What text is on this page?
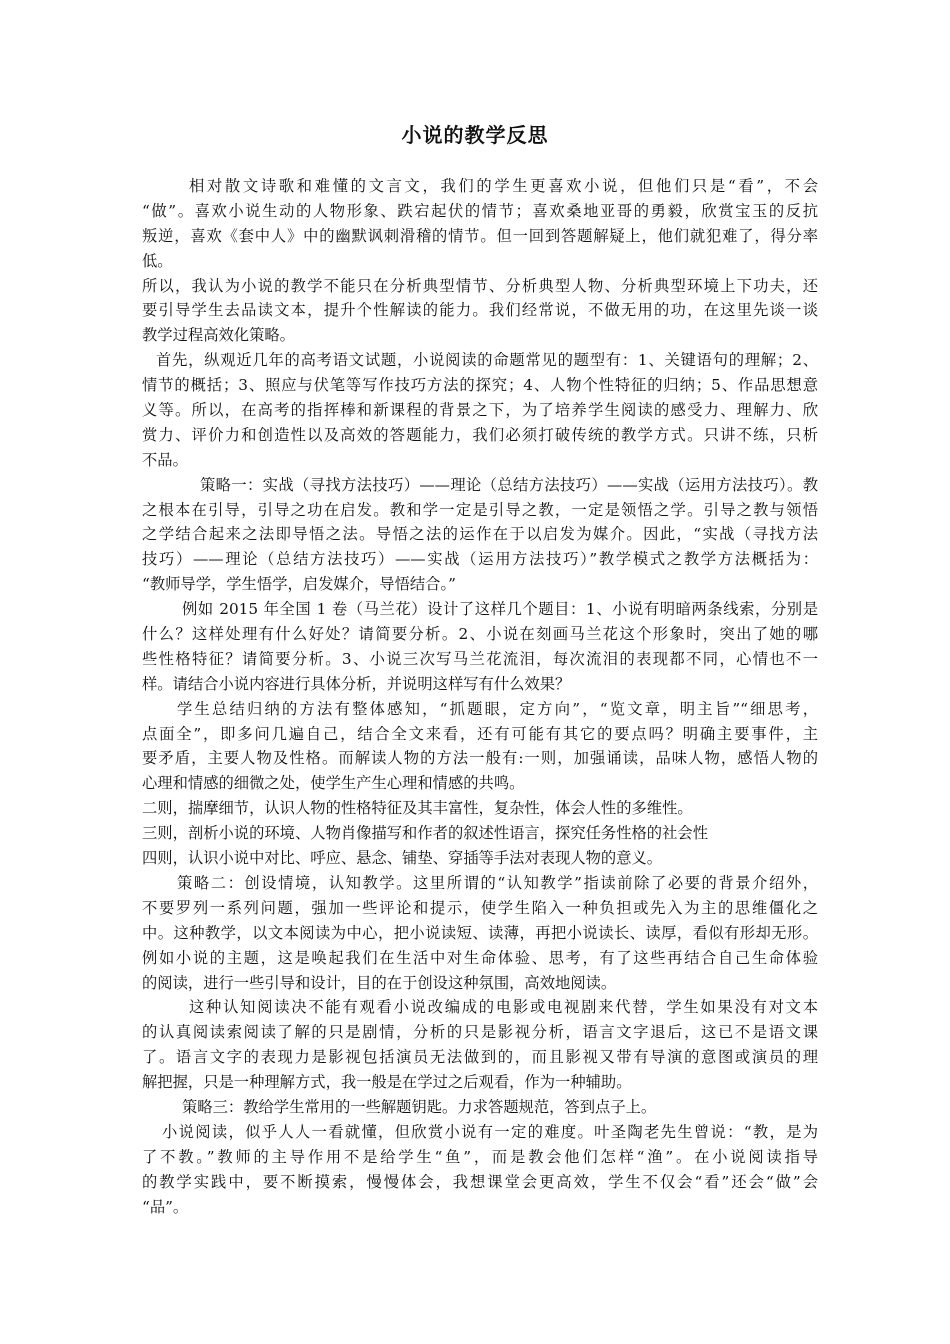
小说的教学反思
相对散文诗歌和难懂的文言文，我们的学生更喜欢小说，但他们只是“看”，不会
“做”。喜欢小说生动的人物形象、跌宕起伏的情节；喜欢桑地亚哥的勇毅，欣赏宝玉的反抗
叛逆，喜欢《套中人》中的幽默讽刺滑稽的情节。但一回到答题解疑上，他们就犯难了，得分率
低。
所以，我认为小说的教学不能只在分析典型情节、分析典型人物、分析典型环境上下功夫，还
要引导学生去品读文本，提升个性解读的能力。我们经常说，不做无用的功，在这里先谈一谈
教学过程高效化策略。
首先，纵观近几年的高考语文试题，小说阅读的命题常见的题型有：1、关键语句的理解；2、
情节的概括；3、照应与伏笔等写作技巧方法的探究；4、人物个性特征的归纳；5、作品思想意
义等。所以，在高考的指挥棒和新课程的背景之下，为了培养学生阅读的感受力、理解力、欣
赏力、评价力和创造性以及高效的答题能力，我们必须打破传统的教学方式。只讲不练，只析
不品。
策略一：实战（寻找方法技巧）——理论（总结方法技巧）——实战（运用方法技巧）。教
之根本在引导，引导之功在启发。教和学一定是引导之教，一定是领悟之学。引导之教与领悟
之学结合起来之法即导悟之法。导悟之法的运作在于以启发为媒介。因此，“实战（寻找方法
技巧）——理论（总结方法技巧）——实战（运用方法技巧）”教学模式之教学方法概括为：
“教师导学，学生悟学，启发媒介，导悟结合。”
例如 2015 年全国 1 卷（马兰花）设计了这样几个题目：1、小说有明暗两条线索，分别是
什么？这样处理有什么好处？请简要分析。2、小说在刻画马兰花这个形象时，突出了她的哪
些性格特征？请简要分析。3、小说三次写马兰花流泪，每次流泪的表现都不同，心情也不一
样。请结合小说内容进行具体分析，并说明这样写有什么效果？
学生总结归纳的方法有整体感知，“抓题眼，定方向”，“览文章，明主旨”“细思考，
点面全”，即多问几遍自己，结合全文来看，还有可能有其它的要点吗？明确主要事件，主
要矛盾，主要人物及性格。而解读人物的方法一般有:一则，加强诵读，品味人物，感悟人物的
心理和情感的细微之处，使学生产生心理和情感的共鸣。
二则，揣摩细节，认识人物的性格特征及其丰富性，复杂性，体会人性的多维性。
三则，剖析小说的环境、人物肖像描写和作者的叙述性语言，探究任务性格的社会性
四则，认识小说中对比、呼应、悬念、铺垫、穿插等手法对表现人物的意义。
策略二：创设情境，认知教学。这里所谓的“认知教学”指读前除了必要的背景介绍外，
不要罗列一系列问题，强加一些评论和提示，使学生陷入一种负担或先入为主的思维僵化之
中。这种教学，以文本阅读为中心，把小说读短、读薄，再把小说读长、读厚，看似有形却无形。
例如小说的主题，这是唤起我们在生活中对生命体验、思考，有了这些再结合自己生命体验
的阅读，进行一些引导和设计，目的在于创设这种氛围，高效地阅读。
这种认知阅读决不能有观看小说改编成的电影或电视剧来代替，学生如果没有对文本
的认真阅读索阅读了解的只是剧情，分析的只是影视分析，语言文字退后，这已不是语文课
了。语言文字的表现力是影视包括演员无法做到的，而且影视又带有导演的意图或演员的理
解把握，只是一种理解方式，我一般是在学过之后观看，作为一种辅助。
策略三：教给学生常用的一些解题钥匙。力求答题规范，答到点子上。
小说阅读，似乎人人一看就懂，但欣赏小说有一定的难度。叶圣陶老先生曾说：“教，是为
了不教。”教师的主导作用不是给学生“鱼”，而是教会他们怎样“渔”。在小说阅读指导
的教学实践中，要不断摸索，慢慢体会，我想课堂会更高效，学生不仅会“看”还会“做”会
“品”。
